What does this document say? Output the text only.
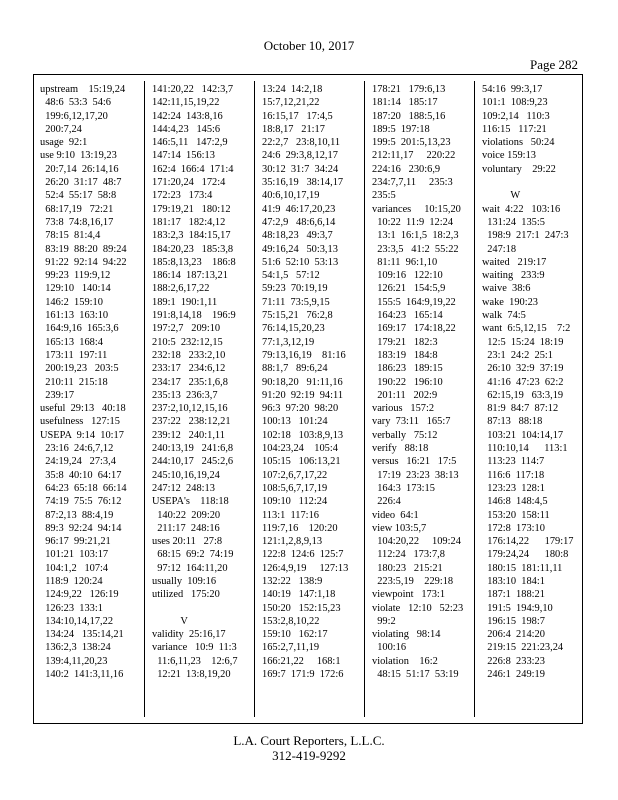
October 10, 2017
Page 282
upstream    15:19,24
48:6  53:3  54:6
199:6,12,17,20
200:7,24
usage  92:1
use 9:10  13:19,23
20:7,14  26:14,16
26:20  31:17  48:7
52:4  55:17  58:8
68:17,19   72:21
73:8  74:8,16,17
78:15  81:4,4
83:19  88:20  89:24
91:22  92:14  94:22
99:23  119:9,12
129:10   140:14
146:2  159:10
161:13  163:10
164:9,16  165:3,6
165:13  168:4
173:11  197:11
200:19,23   203:5
210:11  215:18
239:17
useful  29:13   40:18
usefulness   127:15
USEPA  9:14  10:17
23:16  24:6,7,12
24:19,24   27:3,4
35:8  40:10  64:17
64:23  65:18  66:14
74:19  75:5  76:12
87:2,13  88:4,19
89:3  92:24  94:14
96:17  99:21,21
101:21  103:17
104:1,2   107:4
118:9  120:24
124:9,22   126:19
126:23  133:1
134:10,14,17,22
134:24   135:14,21
136:2,3  138:24
139:4,11,20,23
140:2  141:3,11,16
141:20,22   142:3,7
142:11,15,19,22
142:24  143:8,16
144:4,23   145:6
146:5,11   147:2,9
147:14  156:13
162:4  166:4  171:4
171:20,24   172:4
172:23   173:4
179:19,21   180:12
181:17   182:4,12
183:2,3  184:15,17
184:20,23   185:3,8
185:8,13,23    186:8
186:14  187:13,21
188:2,6,17,22
189:1  190:1,11
191:8,14,18    196:9
197:2,7   209:10
210:5  232:12,15
232:18   233:2,10
233:17   234:6,12
234:17   235:1,6,8
235:13  236:3,7
237:2,10,12,15,16
237:22   238:12,21
239:12   240:1,11
240:13,19   241:6,8
244:10,17   245:2,6
245:10,16,19,24
247:12  248:13
USEPA's    118:18
140:22  209:20
211:17  248:16
uses 20:11   27:8
68:15  69:2  74:19
97:12  164:11,20
usually  109:16
utilized   175:20

V
validity  25:16,17
variance   10:9  11:3
11:6,11,23    12:6,7
12:21  13:8,19,20
13:24  14:2,18
15:7,12,21,22
16:15,17   17:4,5
18:8,17   21:17
22:2,7   23:8,10,11
24:6  29:3,8,12,17
30:12  31:7  34:24
35:16,19   38:14,17
40:6,10,17,19
41:9  46:17,20,23
47:2,9   48:6,6,14
48:18,23   49:3,7
49:16,24   50:3,13
51:6  52:10  53:13
54:1,5   57:12
59:23  70:19,19
71:11  73:5,9,15
75:15,21   76:2,8
76:14,15,20,23
77:1,3,12,19
79:13,16,19    81:16
88:1,7   89:6,24
90:18,20   91:11,16
91:20  92:19  94:11
96:3  97:20  98:20
100:13   101:24
102:18   103:8,9,13
104:23,24    105:4
105:15   106:13,21
107:2,6,7,17,22
108:5,6,7,17,19
109:10   112:24
113:1  117:16
119:7,16    120:20
121:1,2,8,9,13
122:8  124:6  125:7
126:4,9,19     127:13
132:22   138:9
140:19   147:1,18
150:20   152:15,23
153:2,8,10,22
159:10   162:17
165:2,7,11,19
166:21,22     168:1
169:7  171:9  172:6
178:21   179:6,13
181:14   185:17
187:20   188:5,16
189:5  197:18
199:5  201:5,13,23
212:11,17     220:22
224:16   230:6,9
234:7,7,11     235:3
235:5
variances     10:15,20
10:22  11:9  12:24
13:1  16:1,5  18:2,3
23:3,5   41:2  55:22
81:11  96:1,10
109:16   122:10
126:21   154:5,9
155:5  164:9,19,22
164:23   165:14
169:17   174:18,22
179:21   182:3
183:19   184:8
186:23   189:15
190:22   196:10
201:11   202:9
various   157:2
vary  73:11   165:7
verbally   75:12
verify   88:18
versus   16:21   17:5
17:19  23:23  38:13
164:3  173:15
226:4
video  64:1
view 103:5,7
104:20,22     109:24
112:24   173:7,8
180:23   215:21
223:5,19    229:18
viewpoint   173:1
violate   12:10   52:23
99:2
violating   98:14
100:16
violation    16:2
48:15  51:17  53:19
54:16  99:3,17
101:1  108:9,23
109:2,14   110:3
116:15   117:21
violations   50:24
voice 159:13
voluntary    29:22

W
wait  4:22   103:16
131:24  135:5
198:9  217:1  247:3
247:18
waited   219:17
waiting   233:9
waive  38:6
wake  190:23
walk  74:5
want  6:5,12,15    7:2
12:5  15:24  18:19
23:1  24:2  25:1
26:10  32:9  37:19
41:16  47:23  62:2
62:15,19   63:3,19
81:9  84:7  87:12
87:13   88:18
103:21  104:14,17
110:10,14      113:1
113:23  114:7
116:6  117:18
123:23  128:1
146:8  148:4,5
153:20  158:11
172:8  173:10
176:14,22      179:17
179:24,24      180:8
180:15  181:11,11
183:10  184:1
187:1  188:21
191:5  194:9,10
196:15  198:7
206:4  214:20
219:15  221:23,24
226:8  233:23
246:1  249:19
L.A. Court Reporters, L.L.C.
312-419-9292
